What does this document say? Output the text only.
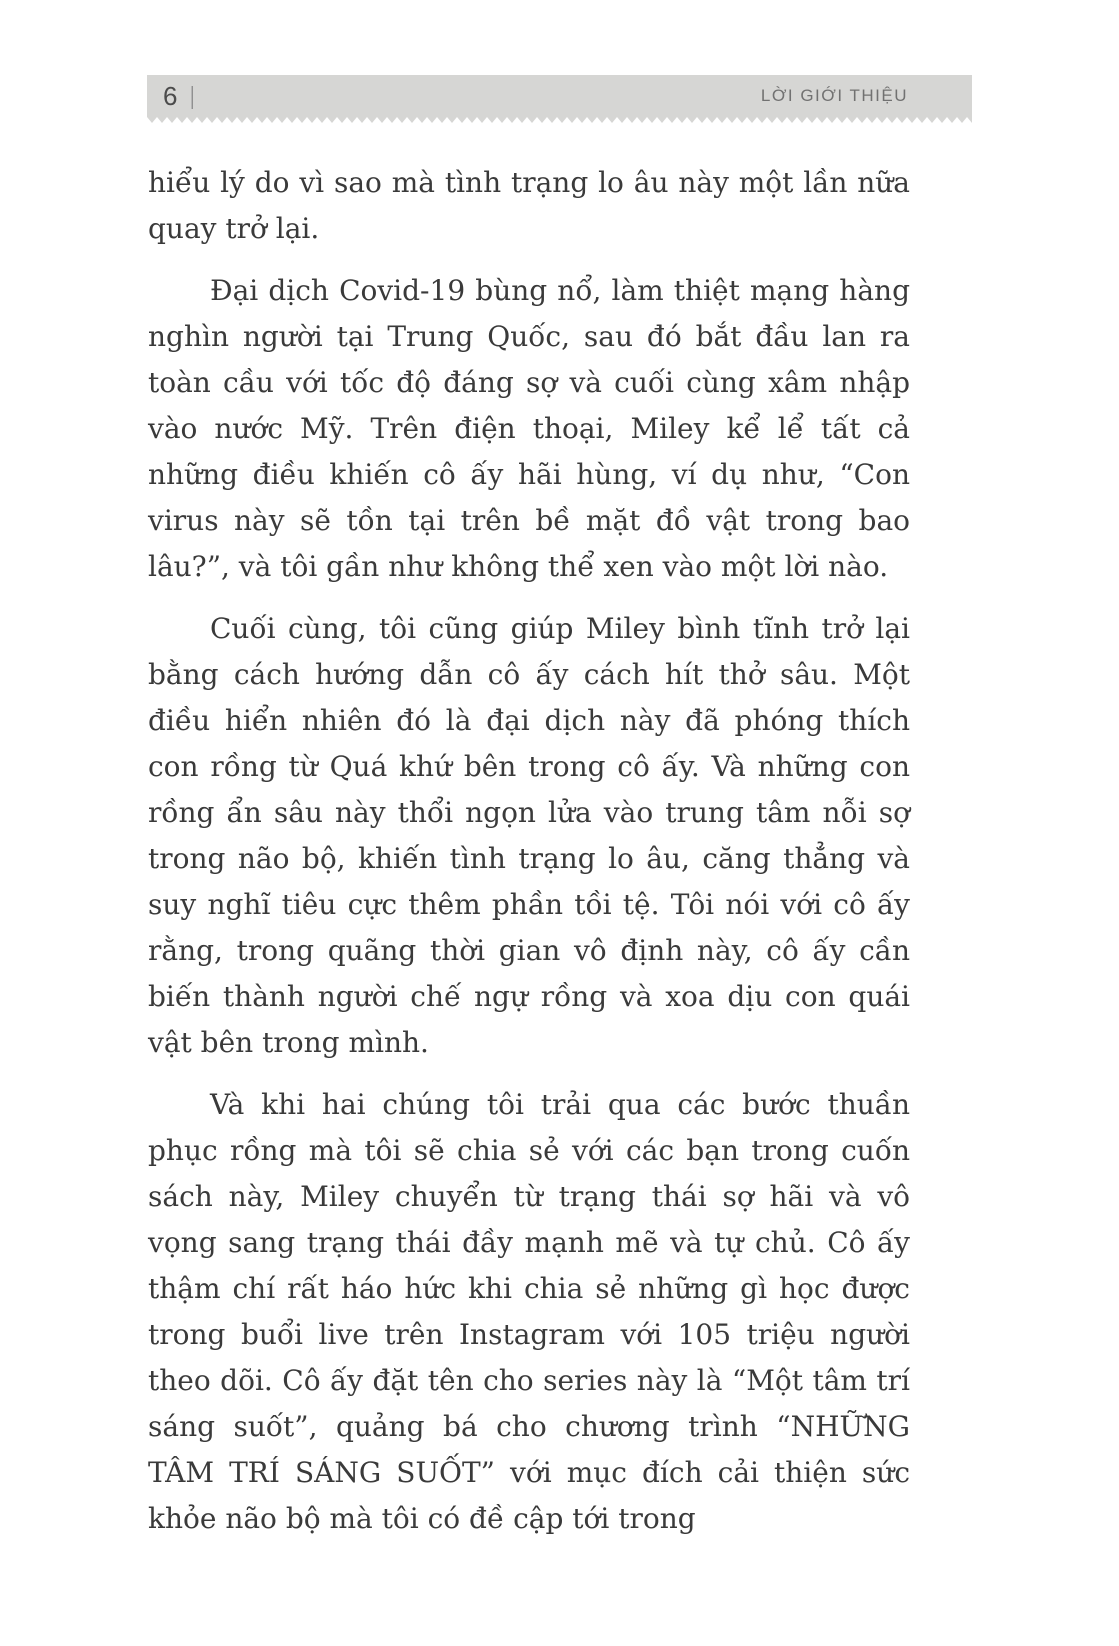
6 |	LỜI GIỚI THIỆU

hiểu lý do vì sao mà tình trạng lo âu này một lần nữa quay trở lại.

Đại dịch Covid-19 bùng nổ, làm thiệt mạng hàng nghìn người tại Trung Quốc, sau đó bắt đầu lan ra toàn cầu với tốc độ đáng sợ và cuối cùng xâm nhập vào nước Mỹ. Trên điện thoại, Miley kể lể tất cả những điều khiến cô ấy hãi hùng, ví dụ như, “Con virus này sẽ tồn tại trên bề mặt đồ vật trong bao lâu?”, và tôi gần như không thể xen vào một lời nào.

Cuối cùng, tôi cũng giúp Miley bình tĩnh trở lại bằng cách hướng dẫn cô ấy cách hít thở sâu. Một điều hiển nhiên đó là đại dịch này đã phóng thích con rồng từ Quá khứ bên trong cô ấy. Và những con rồng ẩn sâu này thổi ngọn lửa vào trung tâm nỗi sợ trong não bộ, khiến tình trạng lo âu, căng thẳng và suy nghĩ tiêu cực thêm phần tồi tệ. Tôi nói với cô ấy rằng, trong quãng thời gian vô định này, cô ấy cần biến thành người chế ngự rồng và xoa dịu con quái vật bên trong mình.

Và khi hai chúng tôi trải qua các bước thuần phục rồng mà tôi sẽ chia sẻ với các bạn trong cuốn sách này, Miley chuyển từ trạng thái sợ hãi và vô vọng sang trạng thái đầy mạnh mẽ và tự chủ. Cô ấy thậm chí rất háo hức khi chia sẻ những gì học được trong buổi live trên Instagram với 105 triệu người theo dõi. Cô ấy đặt tên cho series này là “Một tâm trí sáng suốt”, quảng bá cho chương trình “NHỮNG TÂM TRÍ SÁNG SUỐT” với mục đích cải thiện sức khỏe não bộ mà tôi có đề cập tới trong
